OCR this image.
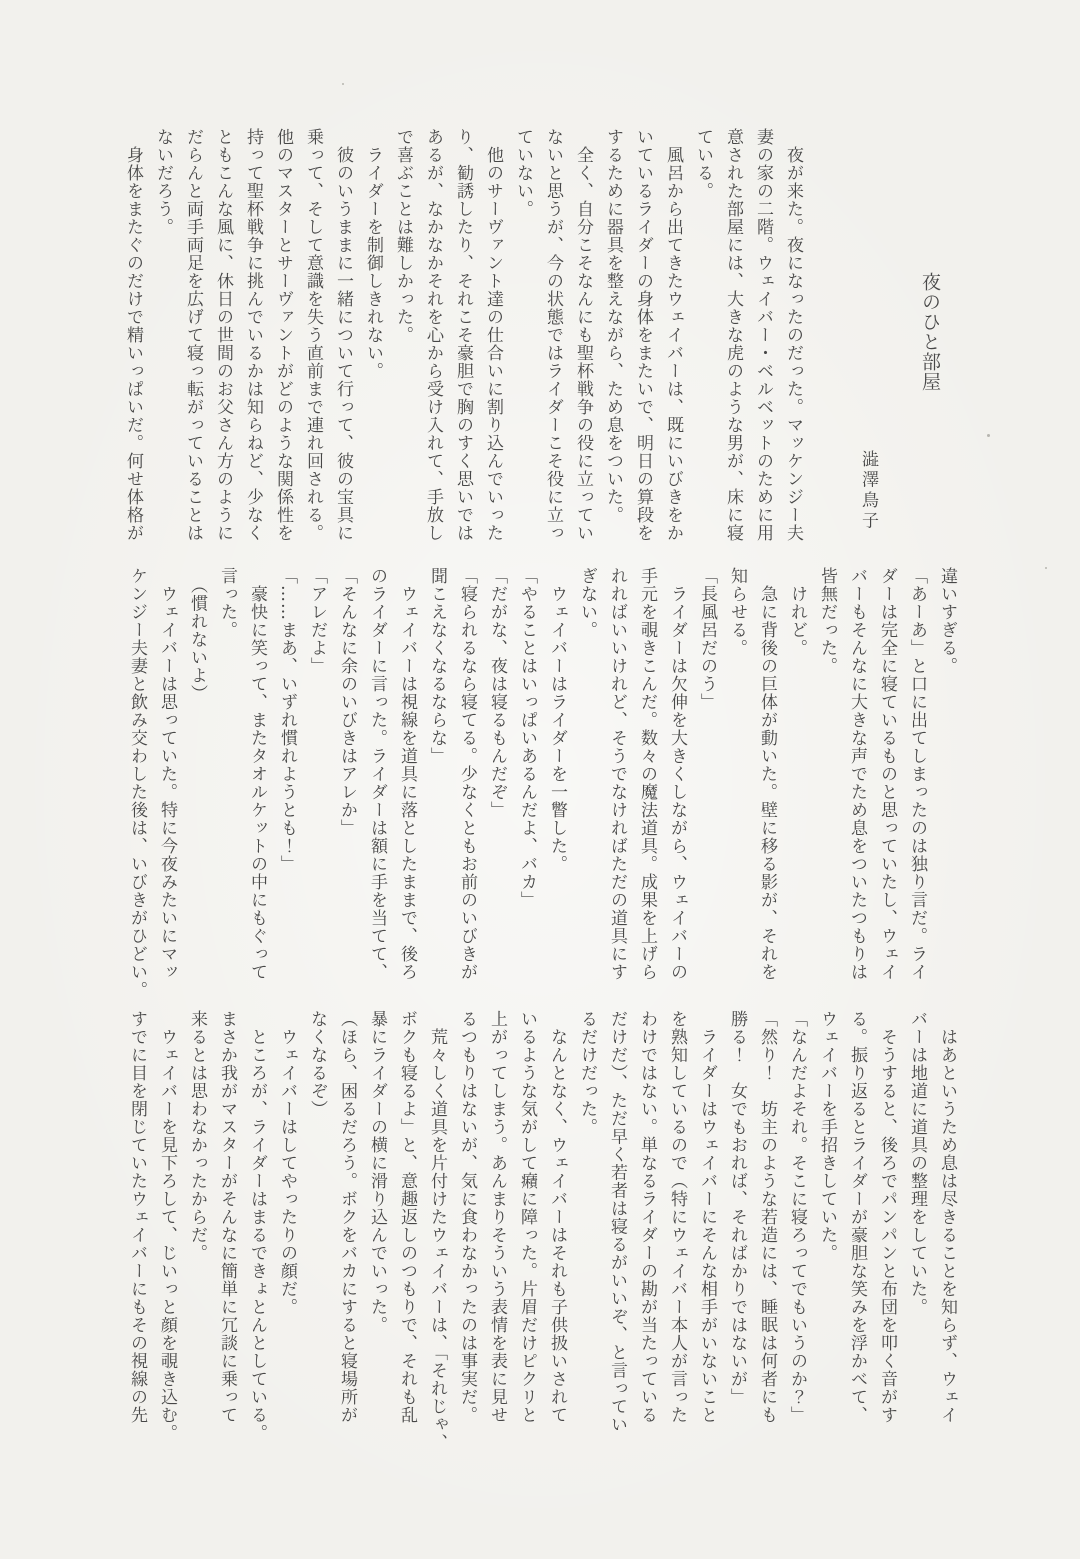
夜のひと部屋
澁澤鳥子

　夜が来た。夜になったのだった。マッケンジー夫

妻の家の二階。ウェイバー・ベルベットのために用

意された部屋には、大きな虎のような男が、床に寝

ている。

　風呂から出てきたウェイバーは、既にいびきをか

いているライダーの身体をまたいで、明日の算段を

するために器具を整えながら、ため息をついた。

　全く、自分こそなんにも聖杯戦争の役に立ってい

ないと思うが、今の状態ではライダーこそ役に立っ

ていない。

　他のサーヴァント達の仕合いに割り込んでいった

り、勧誘したり、それこそ豪胆で胸のすく思いでは

あるが、なかなかそれを心から受け入れて、手放し

で喜ぶことは難しかった。

　ライダーを制御しきれない。

　彼のいうままに一緒について行って、彼の宝具に

乗って、そして意識を失う直前まで連れ回される。

他のマスターとサーヴァントがどのような関係性を

持って聖杯戦争に挑んでいるかは知らねど、少なく

ともこんな風に、休日の世間のお父さん方のように

だらんと両手両足を広げて寝っ転がっていることは

ないだろう。

　身体をまたぐのだけで精いっぱいだ。何せ体格が

違いすぎる。

「あーあ」と口に出てしまったのは独り言だ。ライ

ダーは完全に寝ているものと思っていたし、ウェイ

バーもそんなに大きな声でため息をついたつもりは

皆無だった。

　けれど。

　急に背後の巨体が動いた。壁に移る影が、それを

知らせる。

「長風呂だのう」

　ライダーは欠伸を大きくしながら、ウェイバーの

手元を覗きこんだ。数々の魔法道具。成果を上げら

れればいいけれど、そうでなければただの道具にす

ぎない。

　ウェイバーはライダーを一瞥した。

「やることはいっぱいあるんだよ、バカ」

「だがな、夜は寝るもんだぞ」

「寝られるなら寝てる。少なくともお前のいびきが

聞こえなくなるならな」

　ウェイバーは視線を道具に落としたままで、後ろ

のライダーに言った。ライダーは額に手を当てて、

「そんなに余のいびきはアレか」

「アレだよ」

「……まあ、いずれ慣れようとも！」

　豪快に笑って、またタオルケットの中にもぐって

言った。

　（慣れないよ）

　ウェイバーは思っていた。特に今夜みたいにマッ

ケンジー夫妻と飲み交わした後は、いびきがひどい。

　はあというため息は尽きることを知らず、ウェイ

バーは地道に道具の整理をしていた。

　そうすると、後ろでパンパンと布団を叩く音がす

る。振り返るとライダーが豪胆な笑みを浮かべて、

ウェイバーを手招きしていた。

「なんだよそれ。そこに寝ろってでもいうのか？」

「然り！　坊主のような若造には、睡眠は何者にも

勝る！　女でもおれば、そればかりではないが」

　ライダーはウェイバーにそんな相手がいないこと

を熟知しているので（特にウェイバー本人が言った

わけではない。単なるライダーの勘が当たっている

だけだ）、ただ早く若者は寝るがいいぞ、と言ってい

るだけだった。

　なんとなく、ウェイバーはそれも子供扱いされて

いるような気がして癪に障った。片眉だけピクリと

上がってしまう。あんまりそういう表情を表に見せ

るつもりはないが、気に食わなかったのは事実だ。

　荒々しく道具を片付けたウェイバーは、「それじゃ、

ボクも寝るよ」と、意趣返しのつもりで、それも乱

暴にライダーの横に滑り込んでいった。

（ほら、困るだろう。ボクをバカにすると寝場所が

なくなるぞ）

　ウェイバーはしてやったりの顔だ。

　ところが、ライダーはまるできょとんとしている。

まさか我がマスターがそんなに簡単に冗談に乗って

来るとは思わなかったからだ。

　ウェイバーを見下ろして、じいっと顔を覗き込む。

すでに目を閉じていたウェイバーにもその視線の先
